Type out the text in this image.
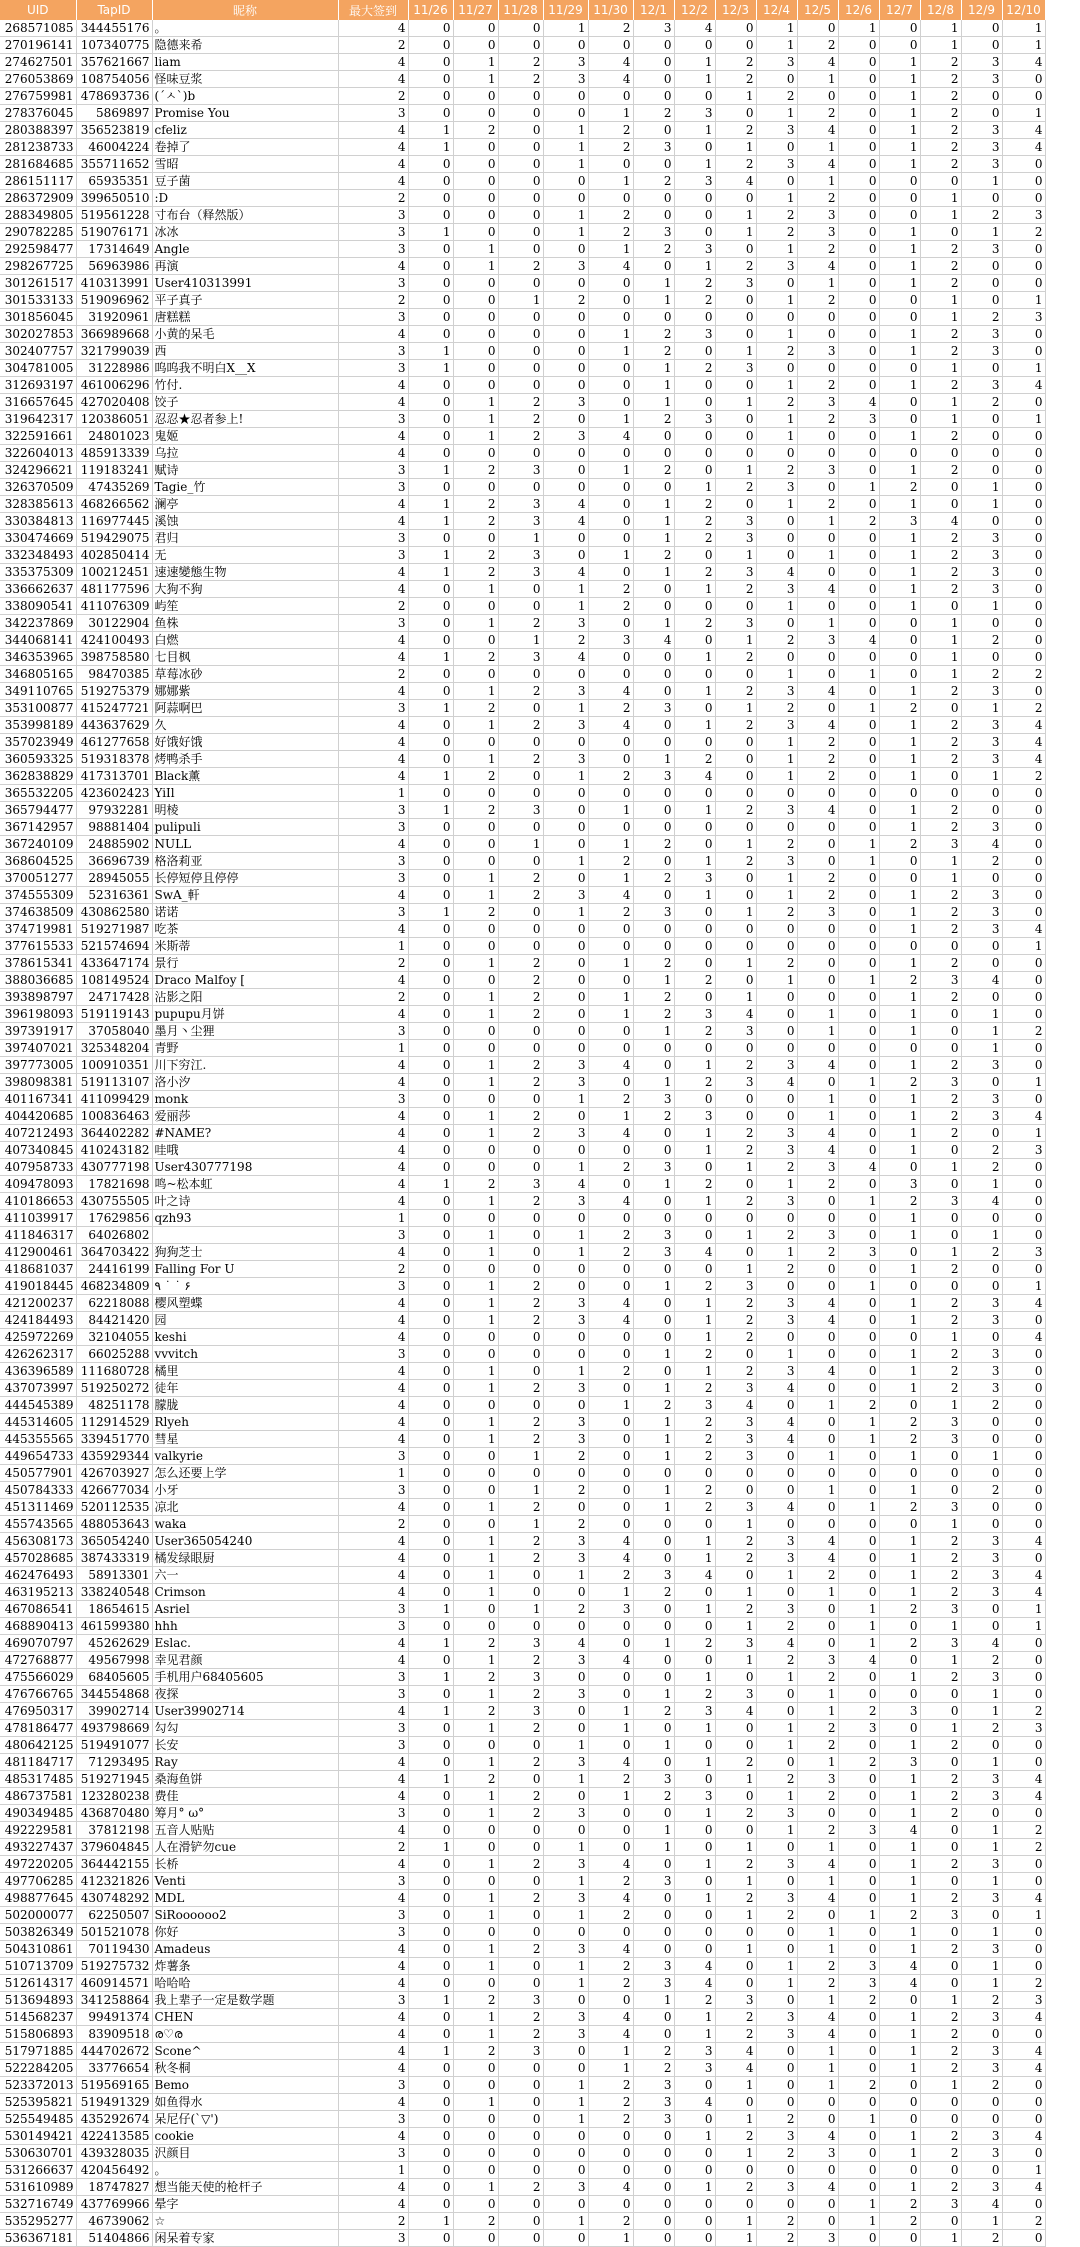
UID	TapID	昵称	最大签到	11/26	11/27	11/28	11/29	11/30	12/1	12/2	12/3	12/4	12/5	12/6	12/7	12/8	12/9	12/10
268571085	344455176	。	4	0	0	0	1	2	3	4	0	1	0	1	0	1	0	1
270196141	107340775	隐德来希	2	0	0	0	0	0	0	0	0	1	2	0	0	1	0	1
274627501	357621667	liam	4	0	1	2	3	4	0	1	2	3	4	0	1	2	3	4
276053869	108754056	怪味豆浆	4	0	1	2	3	4	0	1	2	0	1	0	1	2	3	0
276759981	478693736	(´ㅅ`)b	2	0	0	0	0	0	0	0	1	2	0	0	1	2	0	0
278376045	5869897	Promise You	3	0	0	0	0	1	2	3	0	1	2	0	1	2	0	1
280388397	356523819	cfeliz	4	1	2	0	1	2	0	1	2	3	4	0	1	2	3	4
281238733	46004224	卷掉了	4	1	0	0	1	2	3	0	1	0	1	0	1	2	3	4
281684685	355711652	雪昭	4	0	0	0	1	0	0	1	2	3	4	0	1	2	3	0
286151117	65935351	豆子菌	4	0	0	0	0	1	2	3	4	0	1	0	0	0	1	0
286372909	399650510	:D	2	0	0	0	0	0	0	0	0	1	2	0	0	1	0	0
288349805	519561228	寸布台（释然版）	3	0	0	0	1	2	0	0	1	2	3	0	0	1	2	3
290782285	519076171	冰冰	3	1	0	0	1	2	3	0	1	2	3	0	1	0	1	2
292598477	17314649	Angle	3	0	1	0	0	1	2	3	0	1	2	0	1	2	3	0
298267725	56963986	再演	4	0	1	2	3	4	0	1	2	3	4	0	1	2	0	0
301261517	410313991	User410313991	3	0	0	0	0	0	1	2	3	0	1	0	1	2	0	0
301533133	519096962	平子真子	2	0	0	1	2	0	1	2	0	1	2	0	0	1	0	1
301856045	31920961	唐糕糕	3	0	0	0	0	0	0	0	0	0	0	0	0	1	2	3
302027853	366989668	小黄的呆毛	4	0	0	0	0	1	2	3	0	1	0	0	1	2	3	0
302407757	321799039	西	3	1	0	0	0	1	2	0	1	2	3	0	1	2	3	0
304781005	31228986	呜呜我不明白X__X	3	1	0	0	0	0	1	2	3	0	0	0	0	1	0	1
312693197	461006296	竹付.	4	0	0	0	0	0	1	0	0	1	2	0	1	2	3	4
316657645	427020408	饺子	4	0	1	2	3	0	1	0	1	2	3	4	0	1	2	0
319642317	120386051	忍忍★忍者参上!	3	0	1	2	0	1	2	3	0	1	2	3	0	1	0	1
322591661	24801023	鬼姬	4	0	1	2	3	4	0	0	0	1	0	0	1	2	0	0
322604013	485913339	乌拉	4	0	0	0	0	0	0	0	0	0	0	0	0	0	0	0
324296621	119183241	赋诗	3	1	2	3	0	1	2	0	1	2	3	0	1	2	0	0
326370509	47435269	Tagie_竹	3	0	0	0	0	0	0	1	2	3	0	1	2	0	1	0
328385613	468266562	澜亭	4	1	2	3	4	0	1	2	0	1	2	0	1	0	1	0
330384813	116977445	溪蚀	4	1	2	3	4	0	1	2	3	0	1	2	3	4	0	0
330474669	519429075	君归	3	0	0	1	0	0	1	2	3	0	0	0	1	2	3	0
332348493	402850414	无	3	1	2	3	0	1	2	0	1	0	1	0	1	2	3	0
335375309	100212451	速速變態生物	4	1	2	3	4	0	1	2	3	4	0	0	1	2	3	0
336662637	481177596	大狗不狗	4	0	1	0	1	2	0	1	2	3	4	0	1	2	3	0
338090541	411076309	屿笙	2	0	0	0	1	2	0	0	0	1	0	0	1	0	1	0
342237869	30122904	鱼株	3	0	1	2	3	0	1	2	3	0	1	0	0	1	0	0
344068141	424100493	白燃	4	0	0	1	2	3	4	0	1	2	3	4	0	1	2	0
346353965	398758580	七目枫	4	1	2	3	4	0	0	1	2	0	0	0	0	1	0	0
346805165	98470385	草莓冰砂	2	0	0	0	0	0	0	0	0	1	0	1	0	1	2	2
349110765	519275379	娜娜紫	4	0	1	2	3	4	0	1	2	3	4	0	1	2	3	0
353100877	415247721	阿蒜啊巴	3	1	2	0	1	2	3	0	1	2	0	1	2	0	1	2
353998189	443637629	久	4	0	1	2	3	4	0	1	2	3	4	0	1	2	3	4
357023949	461277658	好饿好饿	4	0	0	0	0	0	0	0	0	1	2	0	1	2	3	4
360593325	519318378	烤鸭杀手	4	0	1	2	3	0	1	2	0	1	2	0	1	2	3	4
362838829	417313701	Black薰	4	1	2	0	1	2	3	4	0	1	2	0	1	0	1	2
365532205	423602423	YiIl	1	0	0	0	0	0	0	0	0	0	0	0	0	0	0	0
365794477	97932281	明棱	3	1	2	3	0	1	0	1	2	3	4	0	1	2	0	0
367142957	98881404	pulipuli	3	0	0	0	0	0	0	0	0	0	0	0	1	2	3	0
367240109	24885902	NULL	4	0	0	1	0	1	2	0	1	2	0	1	2	3	4	0
368604525	36696739	格洛莉亚	3	0	0	0	1	2	0	1	2	3	0	1	0	1	2	0
370051277	28945055	长停短停且停停	3	0	1	2	0	1	2	3	0	1	2	0	0	1	0	0
374555309	52316361	SwA_軒	4	0	1	2	3	4	0	1	0	1	2	0	1	2	3	0
374638509	430862580	诺诺	3	1	2	0	1	2	3	0	1	2	3	0	1	2	3	0
374719981	519271987	吃茶	4	0	0	0	0	0	0	0	0	0	0	0	1	2	3	4
377615533	521574694	米斯蒂	1	0	0	0	0	0	0	0	0	0	0	0	0	0	0	1
378615341	433647174	景行	2	0	1	2	0	1	2	0	1	2	0	0	1	2	0	0
388036685	108149524	Draco Malfoy [	4	0	0	2	0	0	1	2	0	1	0	1	2	3	4	0
393898797	24717428	沾影之阳	2	0	1	2	0	1	2	0	1	0	0	0	1	2	0	0
396198093	519119143	pupupu月饼	4	0	1	2	0	1	2	3	4	0	1	0	1	0	1	0
397391917	37058040	墨月丶尘狸	3	0	0	0	0	0	1	2	3	0	1	0	1	0	1	2
397407021	325348204	青野	1	0	0	0	0	0	0	0	0	0	0	0	0	0	1	0
397773005	100910351	川下穷江.	4	0	1	2	3	4	0	1	2	3	4	0	1	2	3	0
398098381	519113107	洛小汐	4	0	1	2	3	0	1	2	3	4	0	1	2	3	0	1
401167341	411099429	monk	3	0	0	0	1	2	3	0	0	0	1	0	1	2	3	0
404420685	100836463	爱丽莎	4	0	1	2	0	1	2	3	0	0	1	0	1	2	3	4
407212493	364402282	#NAME?	4	0	1	2	3	4	0	1	2	3	4	0	1	2	0	1
407340845	410243182	哇哦	4	0	0	0	0	0	0	1	2	3	4	0	1	0	2	3
407958733	430777198	User430777198	4	0	0	0	1	2	3	0	1	2	3	4	0	1	2	0
409478093	17821698	鸣~松本虹	4	1	2	3	4	0	1	2	0	1	2	0	3	0	1	0
410186653	430755505	叶之诗	4	0	1	2	3	4	0	1	2	3	0	1	2	3	4	0
411039917	17629856	qzh93	1	0	0	0	0	0	0	0	0	0	0	0	1	0	0	0
411846317	64026802		3	0	1	0	1	2	3	0	1	2	3	0	1	0	1	0
412900461	364703422	狗狗芝士	4	0	1	0	1	2	3	4	0	1	2	3	0	1	2	3
418681037	24416199	Falling For U	2	0	0	0	0	0	0	0	1	2	0	0	1	2	0	0
419018445	468234809	٩ ˙ ˙ ۶	3	0	1	2	0	0	1	2	3	0	0	1	0	0	0	1
421200237	62218088	樱风塑蝶	4	0	1	2	3	4	0	1	2	3	4	0	1	2	3	4
424184493	84421420	园	4	0	1	2	3	4	0	1	2	3	4	0	1	2	3	0
425972269	32104055	keshi	4	0	0	0	0	0	0	1	2	0	0	0	0	1	0	4
426262317	66025288	vvvitch	3	0	0	0	0	0	1	2	0	1	0	0	1	2	3	0
436396589	111680728	橘里	4	0	1	0	1	2	0	1	2	3	4	0	1	2	3	0
437073997	519250272	徒年	4	0	1	2	3	0	1	2	3	4	0	0	1	2	3	0
444545389	48251178	朦胧	4	0	0	0	0	1	2	3	4	0	1	2	0	1	2	0
445314605	112914529	Rlyeh	4	0	1	2	3	0	1	2	3	4	0	1	2	3	0	0
445355565	339451770	彗星	4	0	1	2	3	0	1	2	3	4	0	1	2	3	0	0
449654733	435929344	valkyrie	3	0	0	1	2	0	1	2	3	0	1	0	1	0	1	0
450577901	426703927	怎么还要上学	1	0	0	0	0	0	0	0	0	0	0	0	0	0	0	0
450784333	426677034	小牙	3	0	0	1	2	0	1	2	0	0	1	0	1	0	2	0
451311469	520112535	凉北	4	0	1	2	0	0	1	2	3	4	0	1	2	3	0	0
455743565	488053643	waka	2	0	0	1	2	0	0	0	1	0	0	0	0	1	0	0
456308173	365054240	User365054240	4	0	1	2	3	4	0	1	2	3	4	0	1	2	3	4
457028685	387433319	橘发绿眼厨	4	0	1	2	3	4	0	1	2	3	4	0	1	2	3	0
462476493	58913301	六一	4	0	1	0	1	2	3	4	0	1	2	0	1	2	3	4
463195213	338240548	Crimson	4	0	1	0	0	1	2	0	1	0	1	0	1	2	3	4
467086541	18654615	Asriel	3	1	0	1	2	3	0	1	2	3	0	1	2	3	0	1
468890413	461599380	hhh	3	0	0	0	0	0	0	0	1	2	0	1	0	1	0	1
469070797	45262629	Eslac.	4	1	2	3	4	0	1	2	3	4	0	1	2	3	4	0
472768877	49567998	幸见君颜	4	0	1	2	3	4	0	0	1	2	3	4	0	1	2	0
475566029	68405605	手机用户68405605	3	1	2	3	0	0	0	1	0	1	2	0	1	2	3	0
476766765	344554868	夜探	3	0	1	2	3	0	1	2	3	0	1	0	0	0	1	0
476950317	39902714	User39902714	4	1	2	3	0	1	2	3	4	0	1	2	3	0	1	2
478186477	493798669	勾勾	3	0	1	2	0	1	0	1	0	1	2	3	0	1	2	3
480642125	519491077	长安	3	0	0	0	1	0	1	0	0	1	2	0	1	2	0	0
481184717	71293495	Ray	4	0	1	2	3	4	0	1	2	0	1	2	3	0	1	0
485317485	519271945	桑海鱼饼	4	1	2	0	1	2	3	0	1	2	3	0	1	2	3	4
486737581	123280238	费佳	4	0	1	2	0	1	2	3	0	1	2	0	1	2	3	4
490349485	436870480	筹月° ω°	3	0	1	2	3	0	0	1	2	3	0	0	1	2	0	0
492229581	37812198	五音人贴贴	4	0	0	0	0	0	1	0	0	1	2	3	4	0	1	2
493227437	379604845	人在滑铲勿cue	2	1	0	0	1	0	1	0	1	0	1	0	1	0	1	2
497220205	364442155	长桥	4	0	1	2	3	4	0	1	2	3	4	0	1	2	3	0
497706285	412321826	Venti	3	0	0	0	1	2	3	0	1	0	1	0	1	0	1	0
498877645	430748292	MDL	4	0	1	2	3	4	0	1	2	3	4	0	1	2	3	4
502000077	62250507	SiRoooooo2	3	0	1	0	1	2	0	0	1	2	0	1	2	3	0	1
503826349	501521078	你好	3	0	0	0	0	0	0	0	0	0	1	0	1	0	1	0
504310861	70119430	Amadeus	4	0	1	2	3	4	0	0	1	0	1	0	1	2	3	0
510713709	519275732	炸薯条	4	0	1	0	1	2	3	4	0	1	2	3	4	0	1	0
512614317	460914571	哈哈哈	4	0	0	0	1	2	3	4	0	1	2	3	4	0	1	2
513694893	341258864	我上辈子一定是数学题	3	1	2	3	0	0	1	2	3	0	1	2	0	1	2	3
514568237	99491374	CHEN	4	0	1	2	3	4	0	1	2	3	4	0	1	2	3	4
515806893	83909518	ര♡ര	4	0	1	2	3	4	0	1	2	3	4	0	1	2	0	0
517971885	444702672	Scone^	4	1	2	3	0	1	2	3	4	0	1	0	1	2	3	4
522284205	33776654	秋冬桐	4	0	0	0	0	1	2	3	4	0	1	0	1	2	3	4
523372013	519569165	Bemo	3	0	0	0	1	2	3	0	1	0	1	2	0	1	2	0
525395821	519491329	如鱼得水	4	0	1	0	1	2	3	4	0	0	0	0	0	0	0	0
525549485	435292674	呆尼仔(`▽')	3	0	0	0	1	2	3	0	1	2	0	1	0	0	0	0
530149421	422413585	cookie	4	0	0	0	0	0	0	1	2	3	4	0	1	2	3	4
530630701	439328035	沢颜目	3	0	0	0	0	0	0	0	1	2	3	0	1	2	3	0
531266637	420456492	。	1	0	0	0	0	0	0	0	0	0	0	0	0	0	0	1
531610989	18747827	想当能天使的枪杆子	4	0	1	2	3	4	0	1	2	3	4	0	1	2	3	4
532716749	437769966	晕字	4	0	0	0	0	0	0	0	0	0	0	1	2	3	4	0
535295277	46739062	☆	2	1	2	0	1	2	0	0	1	2	0	1	2	0	1	2
536367181	51404866	闲呆着专家	3	0	0	0	0	1	0	0	1	2	3	0	0	1	2	0
